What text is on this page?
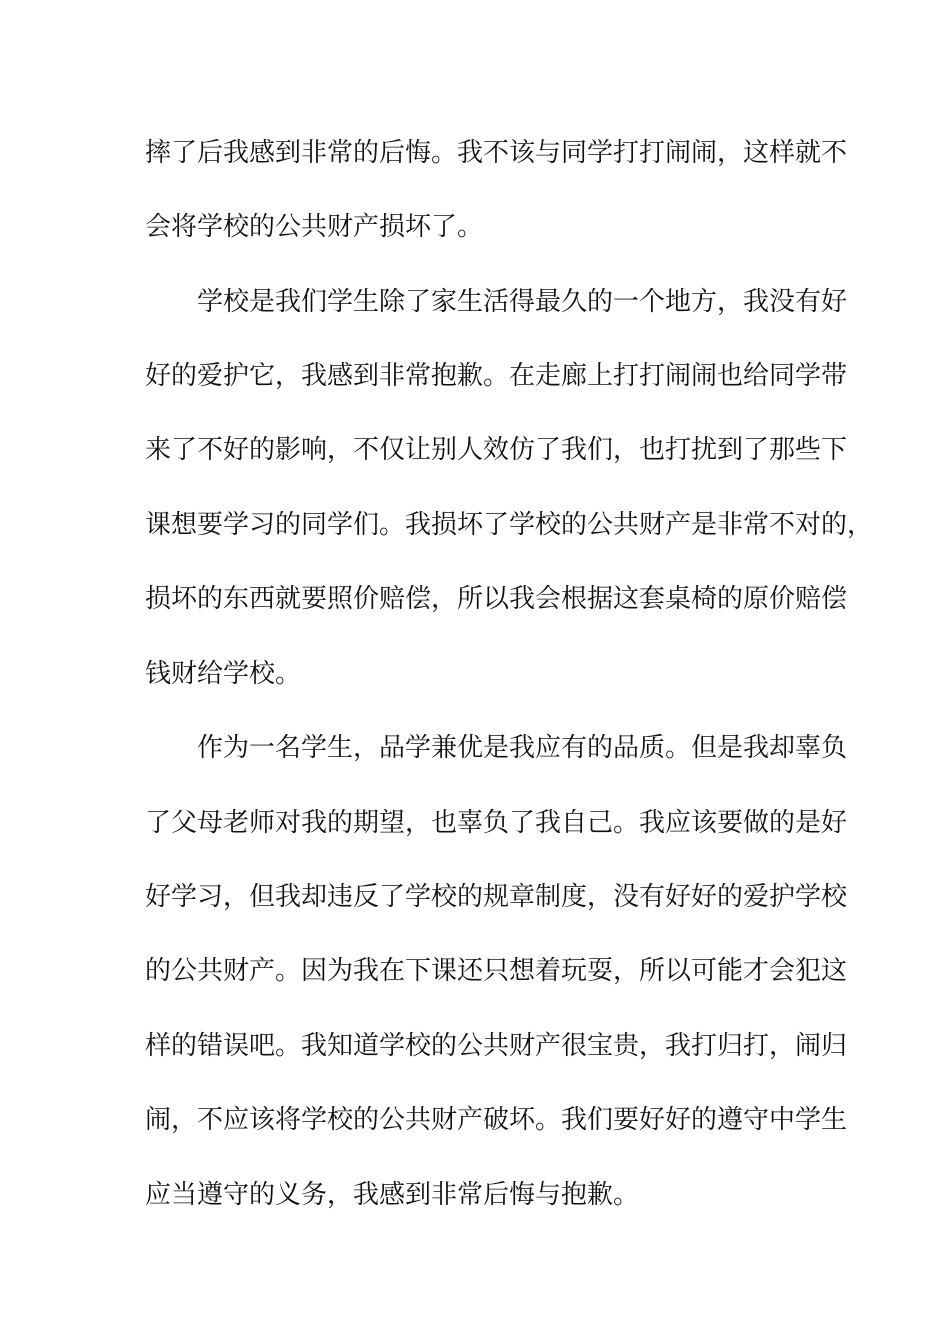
摔了后我感到非常的后悔。我不该与同学打打闹闹，这样就不
会将学校的公共财产损坏了。
　　学校是我们学生除了家生活得最久的一个地方，我没有好
好的爱护它，我感到非常抱歉。在走廊上打打闹闹也给同学带
来了不好的影响，不仅让别人效仿了我们，也打扰到了那些下
课想要学习的同学们。我损坏了学校的公共财产是非常不对的，
损坏的东西就要照价赔偿，所以我会根据这套桌椅的原价赔偿
钱财给学校。
　　作为一名学生，品学兼优是我应有的品质。但是我却辜负
了父母老师对我的期望，也辜负了我自己。我应该要做的是好
好学习，但我却违反了学校的规章制度，没有好好的爱护学校
的公共财产。因为我在下课还只想着玩耍，所以可能才会犯这
样的错误吧。我知道学校的公共财产很宝贵，我打归打，闹归
闹，不应该将学校的公共财产破坏。我们要好好的遵守中学生
应当遵守的义务，我感到非常后悔与抱歉。
